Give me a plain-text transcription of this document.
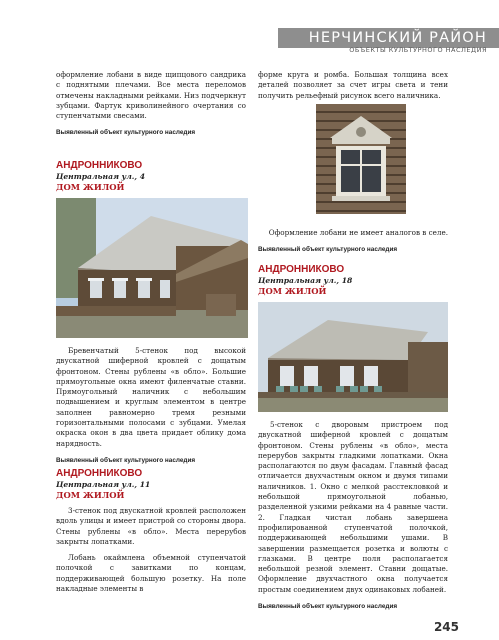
НЕРЧИНСКИЙ РАЙОН
ОБЪЕКТЫ КУЛЬТУРНОГО НАСЛЕДИЯ

оформление лобани в виде щипцового сандрика с поднятыми плечами. Все места переломов отмечены накладными рейками. Низ подчеркнут зубцами. Фартук криволинейного очертания со ступенчатыми свесами.

Выявленный объект культурного наследия

АНДРОННИКОВО

Центральная ул., 4

ДОМ ЖИЛОЙ

Бревенчатый 5-стенок под высокой двускатной шиферной кровлей с дощатым фронтоном. Стены рублены «в обло». Большие прямоугольные окна имеют филенчатые ставни. Прямоугольный наличник с небольшим подвышением и круглым элементом в центре заполнен равномерно тремя резными горизонтальными полосами с зубцами. Умелая окраска окон в два цвета придает облику дома нарядность.

Выявленный объект культурного наследия

АНДРОННИКОВО

Центральная ул., 11

ДОМ ЖИЛОЙ

3-стенок под двускатной кровлей расположен вдоль улицы и имеет пристрой со стороны двора. Стены рублены «в обло». Места перерубов закрыты лопатками.

Лобань окаймлена объемной ступенчатой полочкой с завитками по концам, поддерживающей большую розетку. На поле накладные элементы в

форме круга и ромба. Большая толщина всех деталей позволяет за счет игры света и тени получить рельефный рисунок всего наличника.

Оформление лобани не имеет аналогов в селе.

Выявленный объект культурного наследия

АНДРОННИКОВО

Центральная ул., 18

ДОМ ЖИЛОЙ

5-стенок с дворовым пристроем под двускатной шиферной кровлей с дощатым фронтоном. Стены рублены «в обло», места перерубов закрыты гладкими лопатками. Окна располагаются по двум фасадам. Главный фасад отличается двухчастным окном и двумя типами наличников. 1. Окно с мелкой расстекловкой и небольшой прямоугольной лобанью, разделенной узкими рейками на 4 равные части. 2. Гладкая чистая лобань завершена профилированной ступенчатой полочкой, поддерживающей небольшими ушами. В завершении размещается розетка и волюты с глазками. В центре поля располагается небольшой резной элемент. Ставни дощатые. Оформление двухчастного окна получается простым соединением двух одинаковых лобаней.

Выявленный объект культурного наследия

245
